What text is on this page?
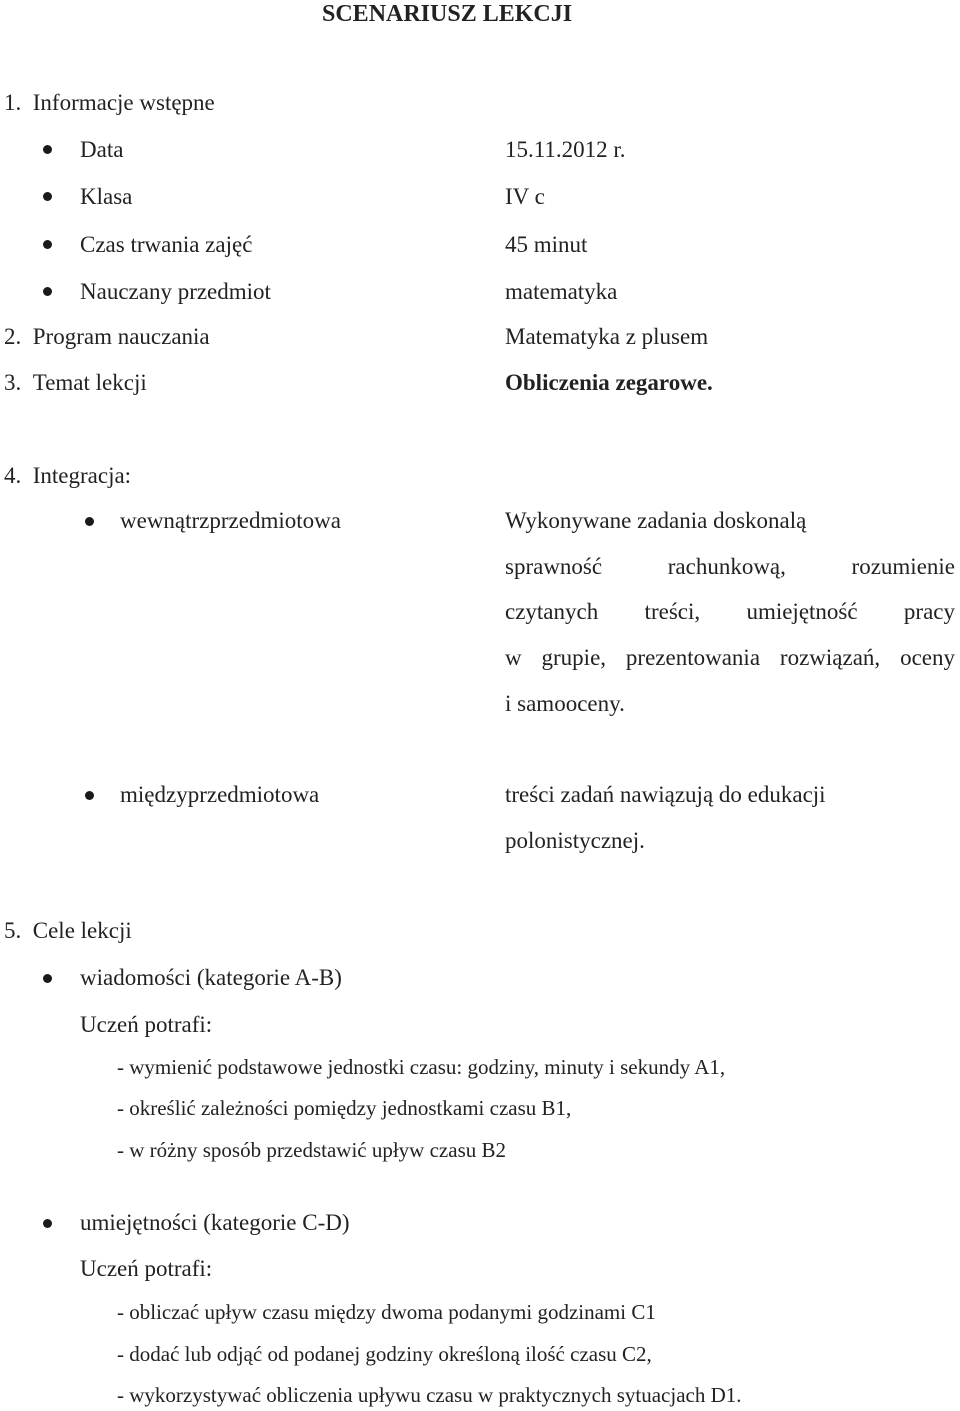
SCENARIUSZ LEKCJI
1.  Informacje wstępne
Data	15.11.2012 r.
Klasa	IV c
Czas trwania zajęć	45 minut
Nauczany przedmiot	matematyka
2.  Program nauczania	Matematyka z plusem
3.  Temat lekcji	Obliczenia zegarowe.
4.  Integracja:
wewnątrzprzedmiotowa	Wykonywane zadania doskonalą
sprawność rachunkową, rozumienie
czytanych treści, umiejętność pracy
w grupie, prezentowania rozwiązań, oceny
i samooceny.
międzyprzedmiotowa	treści zadań nawiązują do edukacji
polonistycznej.
5.  Cele lekcji
wiadomości (kategorie A-B)
Uczeń potrafi:
- wymienić podstawowe jednostki czasu: godziny, minuty i sekundy A1,
- określić zależności pomiędzy jednostkami czasu B1,
- w różny sposób przedstawić upływ czasu B2
umiejętności (kategorie C-D)
Uczeń potrafi:
- obliczać upływ czasu między dwoma podanymi godzinami C1
- dodać lub odjąć od podanej godziny określoną ilość czasu C2,
- wykorzystywać obliczenia upływu czasu w praktycznych sytuacjach D1.
